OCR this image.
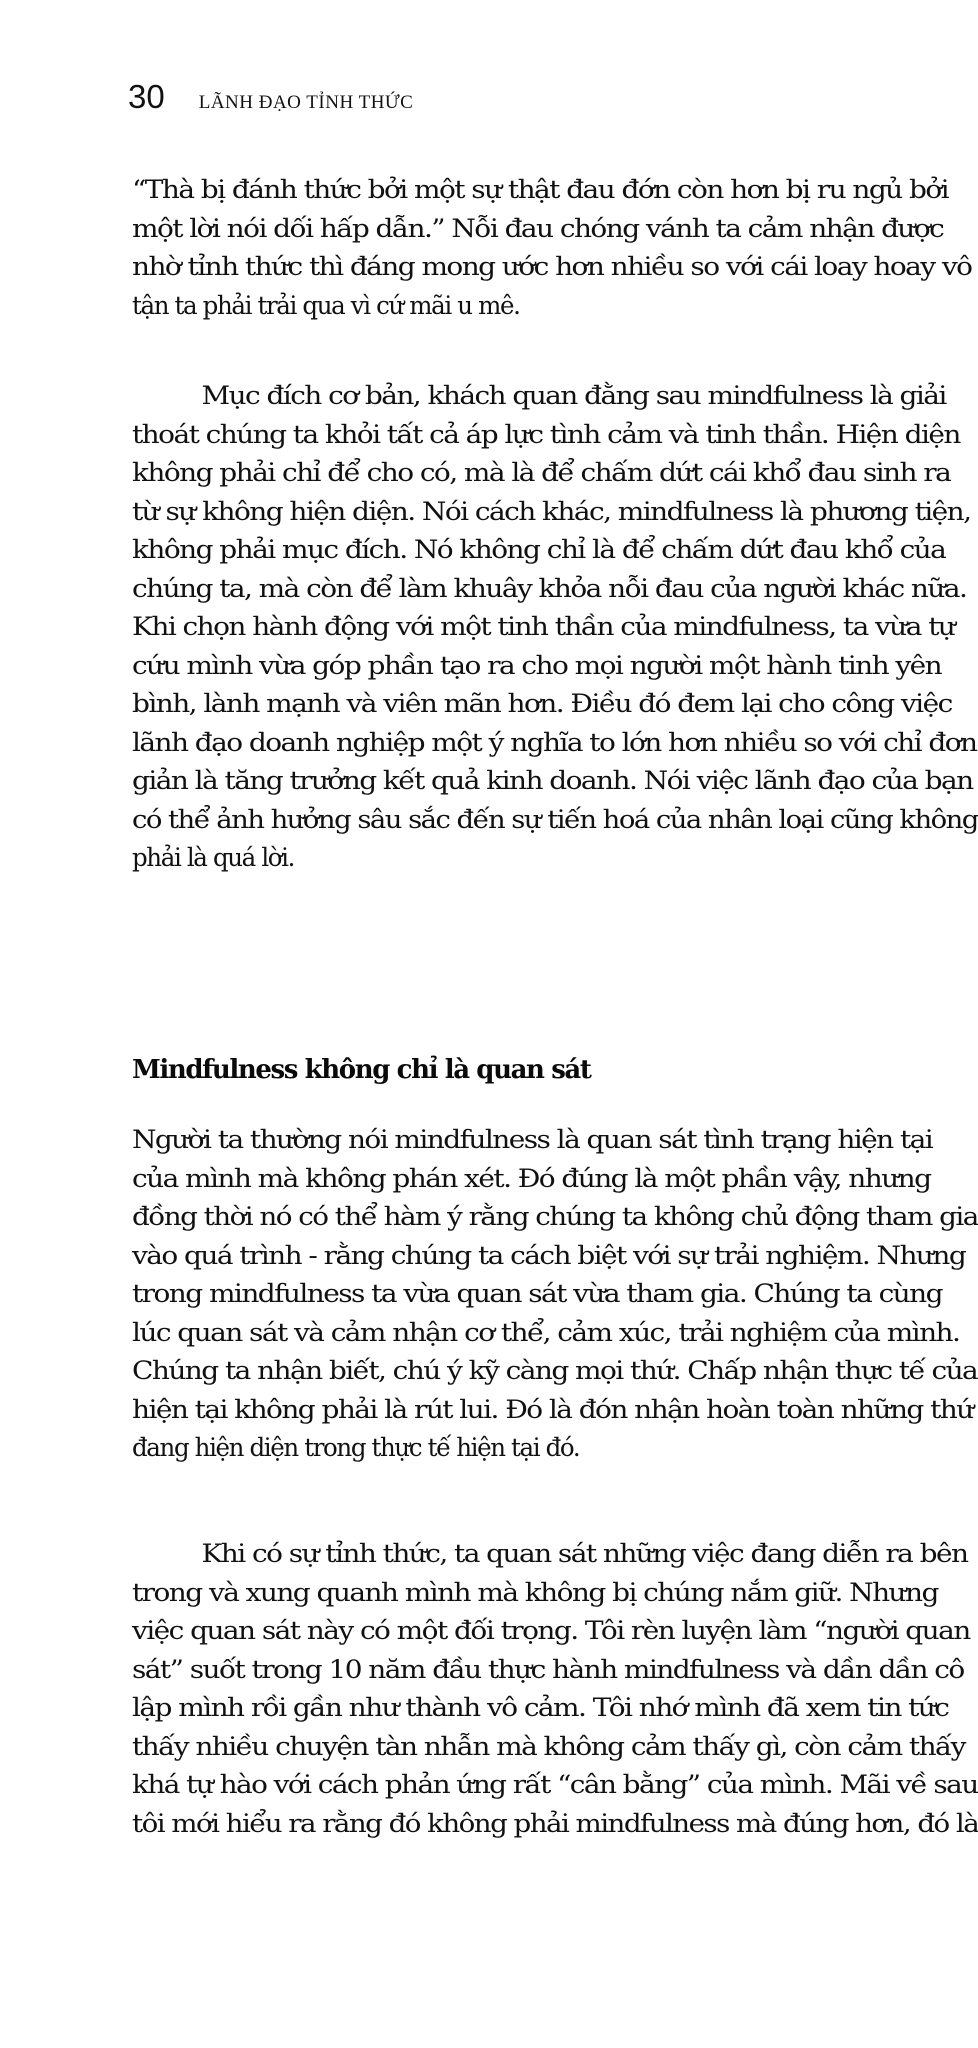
30 LÃNH ĐẠO TỈNH THỨC
“Thà bị đánh thức bởi một sự thật đau đớn còn hơn bị ru ngủ bởi
một lời nói dối hấp dẫn.” Nỗi đau chóng vánh ta cảm nhận được
nhờ tỉnh thức thì đáng mong ước hơn nhiều so với cái loay hoay vô
tận ta phải trải qua vì cứ mãi u mê.
Mục đích cơ bản, khách quan đằng sau mindfulness là giải
thoát chúng ta khỏi tất cả áp lực tình cảm và tinh thần. Hiện diện
không phải chỉ để cho có, mà là để chấm dứt cái khổ đau sinh ra
từ sự không hiện diện. Nói cách khác, mindfulness là phương tiện,
không phải mục đích. Nó không chỉ là để chấm dứt đau khổ của
chúng ta, mà còn để làm khuây khỏa nỗi đau của người khác nữa.
Khi chọn hành động với một tinh thần của mindfulness, ta vừa tự
cứu mình vừa góp phần tạo ra cho mọi người một hành tinh yên
bình, lành mạnh và viên mãn hơn. Điều đó đem lại cho công việc
lãnh đạo doanh nghiệp một ý nghĩa to lớn hơn nhiều so với chỉ đơn
giản là tăng trưởng kết quả kinh doanh. Nói việc lãnh đạo của bạn
có thể ảnh hưởng sâu sắc đến sự tiến hoá của nhân loại cũng không
phải là quá lời.
Mindfulness không chỉ là quan sát
Người ta thường nói mindfulness là quan sát tình trạng hiện tại
của mình mà không phán xét. Đó đúng là một phần vậy, nhưng
đồng thời nó có thể hàm ý rằng chúng ta không chủ động tham gia
vào quá trình - rằng chúng ta cách biệt với sự trải nghiệm. Nhưng
trong mindfulness ta vừa quan sát vừa tham gia. Chúng ta cùng
lúc quan sát và cảm nhận cơ thể, cảm xúc, trải nghiệm của mình.
Chúng ta nhận biết, chú ý kỹ càng mọi thứ. Chấp nhận thực tế của
hiện tại không phải là rút lui. Đó là đón nhận hoàn toàn những thứ
đang hiện diện trong thực tế hiện tại đó.
Khi có sự tỉnh thức, ta quan sát những việc đang diễn ra bên
trong và xung quanh mình mà không bị chúng nắm giữ. Nhưng
việc quan sát này có một đối trọng. Tôi rèn luyện làm “người quan
sát” suốt trong 10 năm đầu thực hành mindfulness và dần dần cô
lập mình rồi gần như thành vô cảm. Tôi nhớ mình đã xem tin tức
thấy nhiều chuyện tàn nhẫn mà không cảm thấy gì, còn cảm thấy
khá tự hào với cách phản ứng rất “cân bằng” của mình. Mãi về sau
tôi mới hiểu ra rằng đó không phải mindfulness mà đúng hơn, đó là
